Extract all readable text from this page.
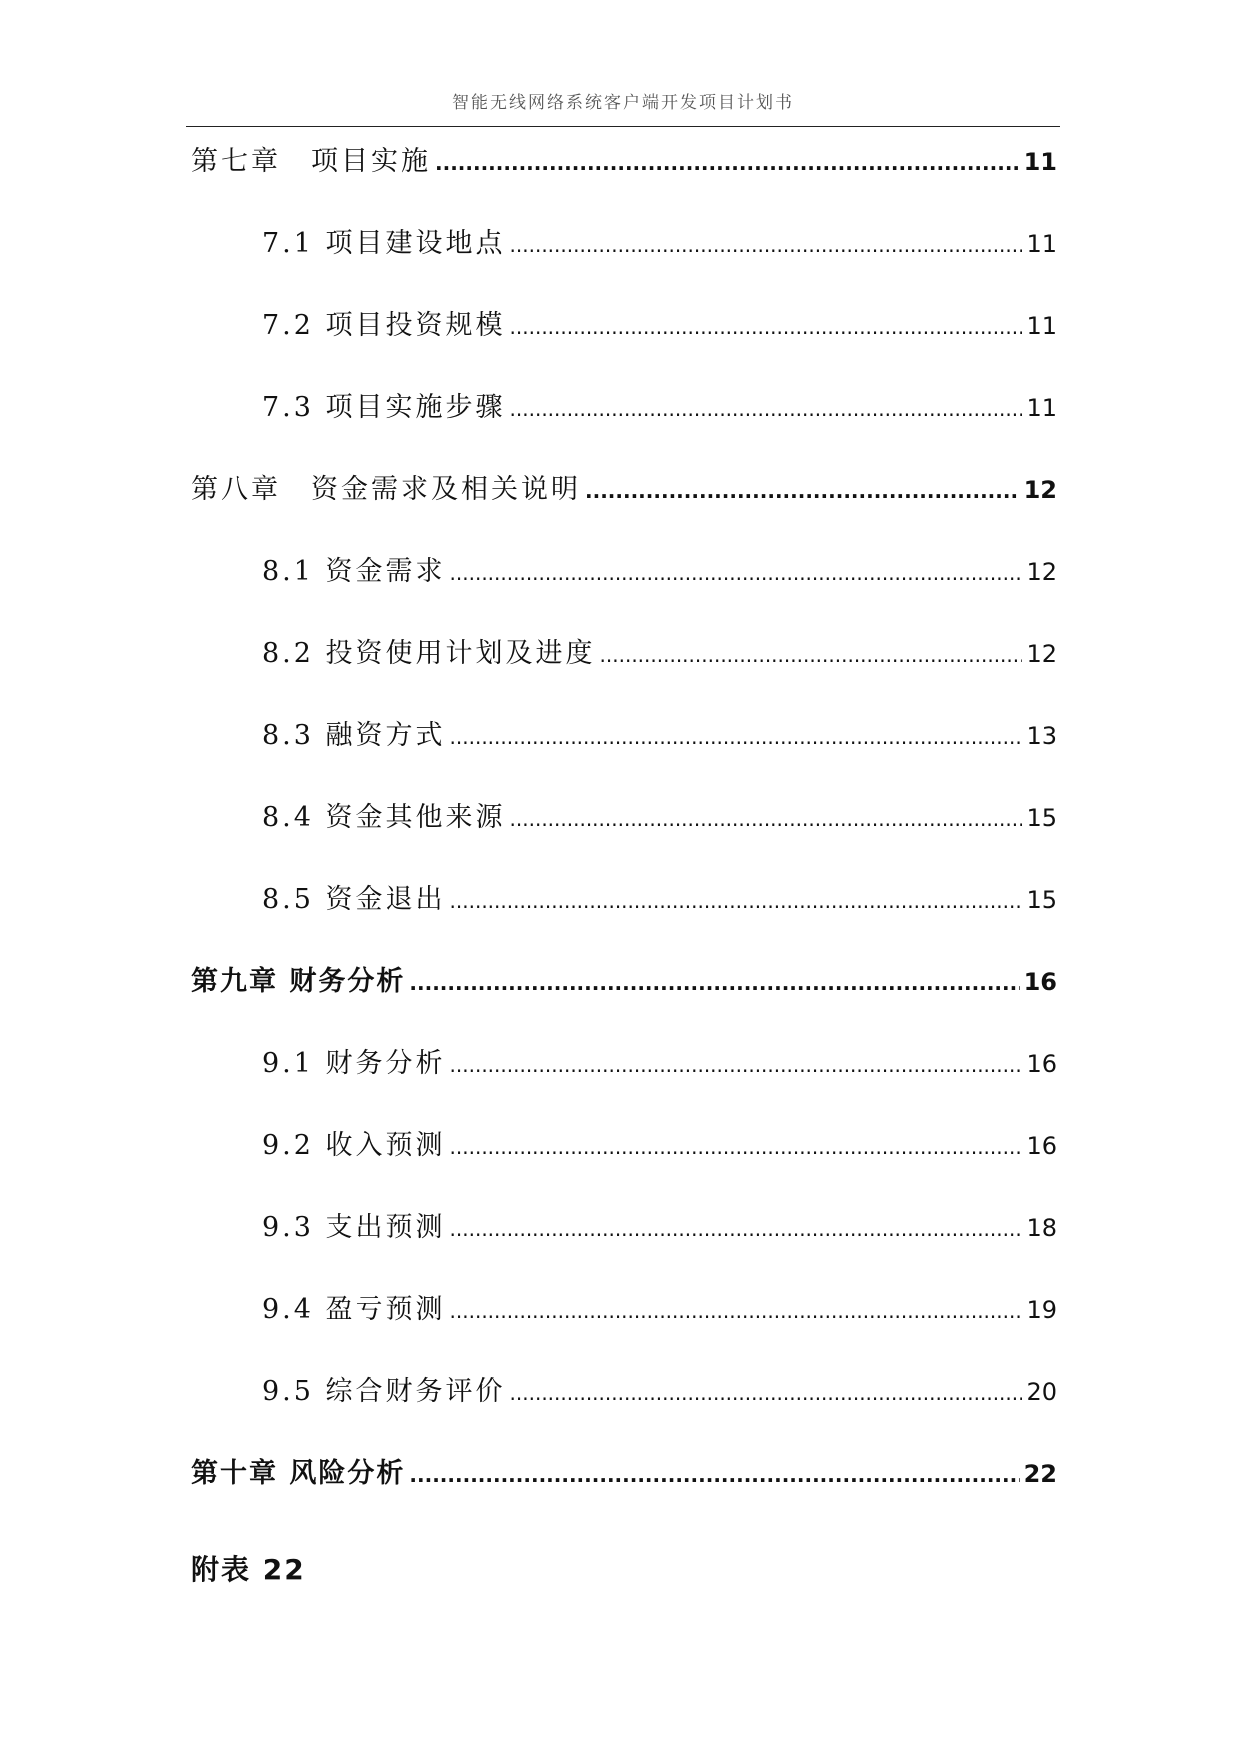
智能无线网络系统客户端开发项目计划书
第七章　项目实施 .....	11
7.1 项目建设地点 .....	11
7.2 项目投资规模 .....	11
7.3 项目实施步骤 .....	11
第八章　资金需求及相关说明 .....	12
8.1 资金需求 .....	12
8.2 投资使用计划及进度 .....	12
8.3 融资方式 .....	13
8.4 资金其他来源 .....	15
8.5 资金退出 .....	15
第九章 财务分析 .....	16
9.1 财务分析 .....	16
9.2 收入预测 .....	16
9.3 支出预测 .....	18
9.4 盈亏预测 .....	19
9.5 综合财务评价 .....	20
第十章 风险分析 .....	22
附表 22
